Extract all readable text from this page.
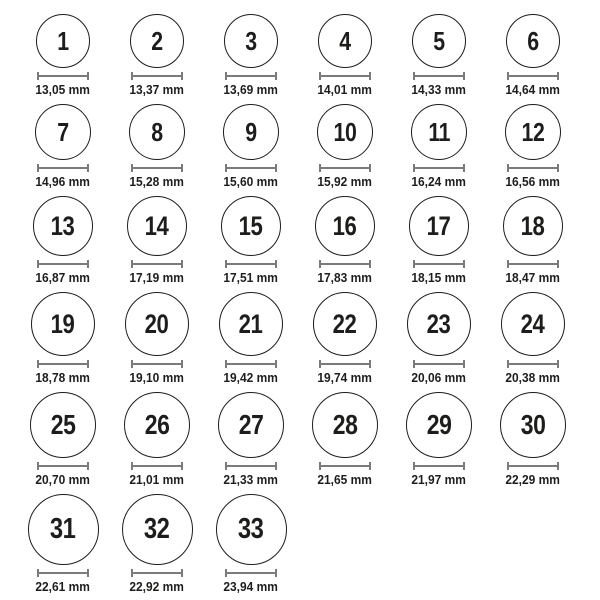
1
13,05 mm
2
13,37 mm
3
13,69 mm
4
14,01 mm
5
14,33 mm
6
14,64 mm
7
14,96 mm
8
15,28 mm
9
15,60 mm
10
15,92 mm
11
16,24 mm
12
16,56 mm
13
16,87 mm
14
17,19 mm
15
17,51 mm
16
17,83 mm
17
18,15 mm
18
18,47 mm
19
18,78 mm
20
19,10 mm
21
19,42 mm
22
19,74 mm
23
20,06 mm
24
20,38 mm
25
20,70 mm
26
21,01 mm
27
21,33 mm
28
21,65 mm
29
21,97 mm
30
22,29 mm
31
22,61 mm
32
22,92 mm
33
23,94 mm
